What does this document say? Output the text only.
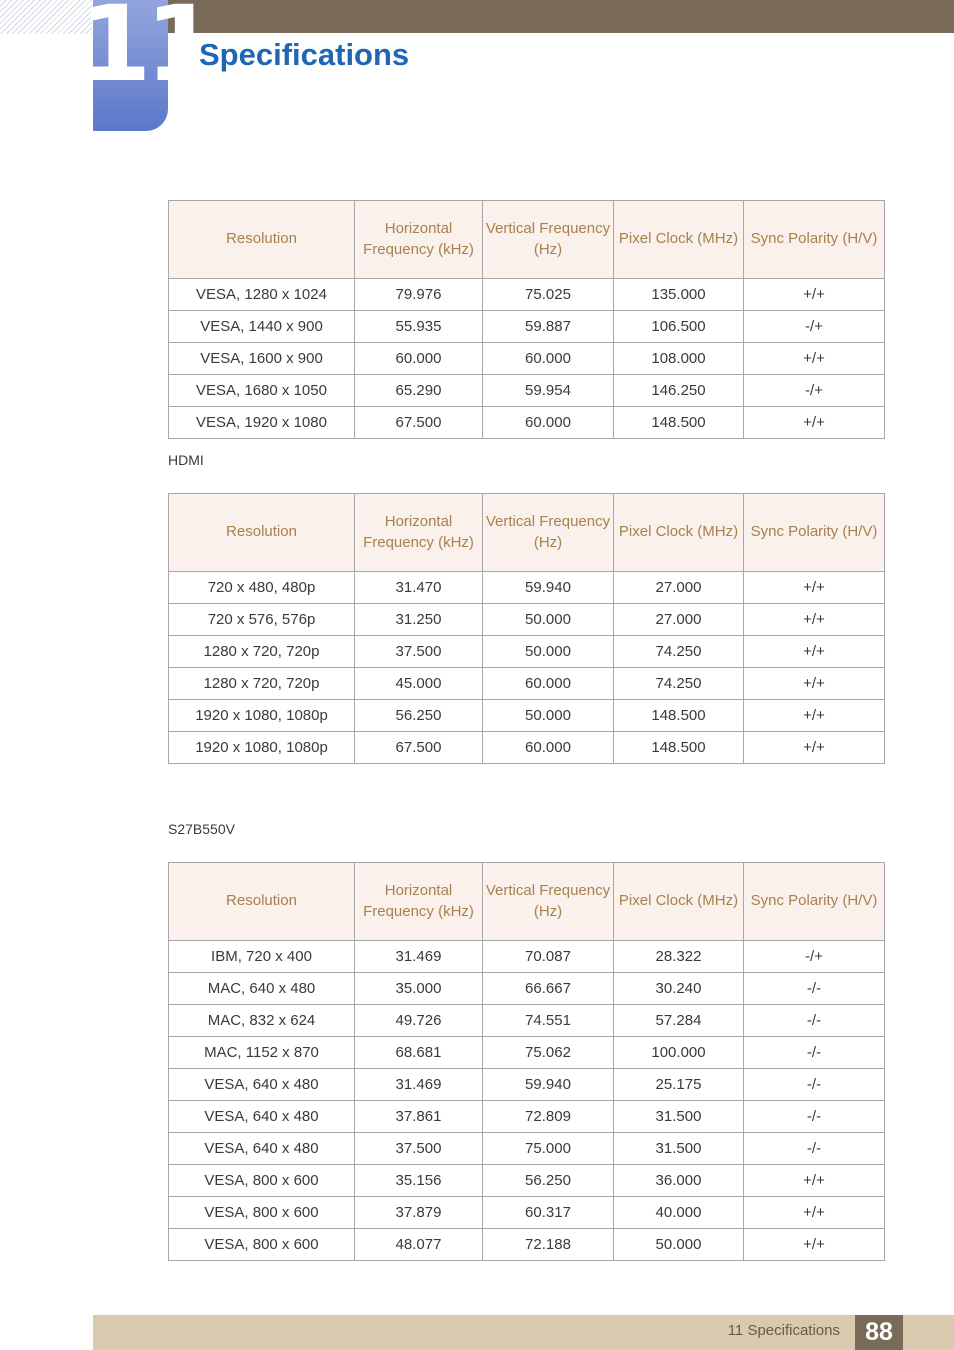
11
Specifications
Resolution	Horizontal Frequency (kHz)	Vertical Frequency (Hz)	Pixel Clock (MHz)	Sync Polarity (H/V)
VESA, 1280 x 1024	79.976	75.025	135.000	+/+
VESA, 1440 x 900	55.935	59.887	106.500	-/+
VESA, 1600 x 900	60.000	60.000	108.000	+/+
VESA, 1680 x 1050	65.290	59.954	146.250	-/+
VESA, 1920 x 1080	67.500	60.000	148.500	+/+
HDMI
Resolution	Horizontal Frequency (kHz)	Vertical Frequency (Hz)	Pixel Clock (MHz)	Sync Polarity (H/V)
720 x 480, 480p	31.470	59.940	27.000	+/+
720 x 576, 576p	31.250	50.000	27.000	+/+
1280 x 720, 720p	37.500	50.000	74.250	+/+
1280 x 720, 720p	45.000	60.000	74.250	+/+
1920 x 1080, 1080p	56.250	50.000	148.500	+/+
1920 x 1080, 1080p	67.500	60.000	148.500	+/+
S27B550V
Resolution	Horizontal Frequency (kHz)	Vertical Frequency (Hz)	Pixel Clock (MHz)	Sync Polarity (H/V)
IBM, 720 x 400	31.469	70.087	28.322	-/+
MAC, 640 x 480	35.000	66.667	30.240	-/-
MAC, 832 x 624	49.726	74.551	57.284	-/-
MAC, 1152 x 870	68.681	75.062	100.000	-/-
VESA, 640 x 480	31.469	59.940	25.175	-/-
VESA, 640 x 480	37.861	72.809	31.500	-/-
VESA, 640 x 480	37.500	75.000	31.500	-/-
VESA, 800 x 600	35.156	56.250	36.000	+/+
VESA, 800 x 600	37.879	60.317	40.000	+/+
VESA, 800 x 600	48.077	72.188	50.000	+/+
11 Specifications	88
